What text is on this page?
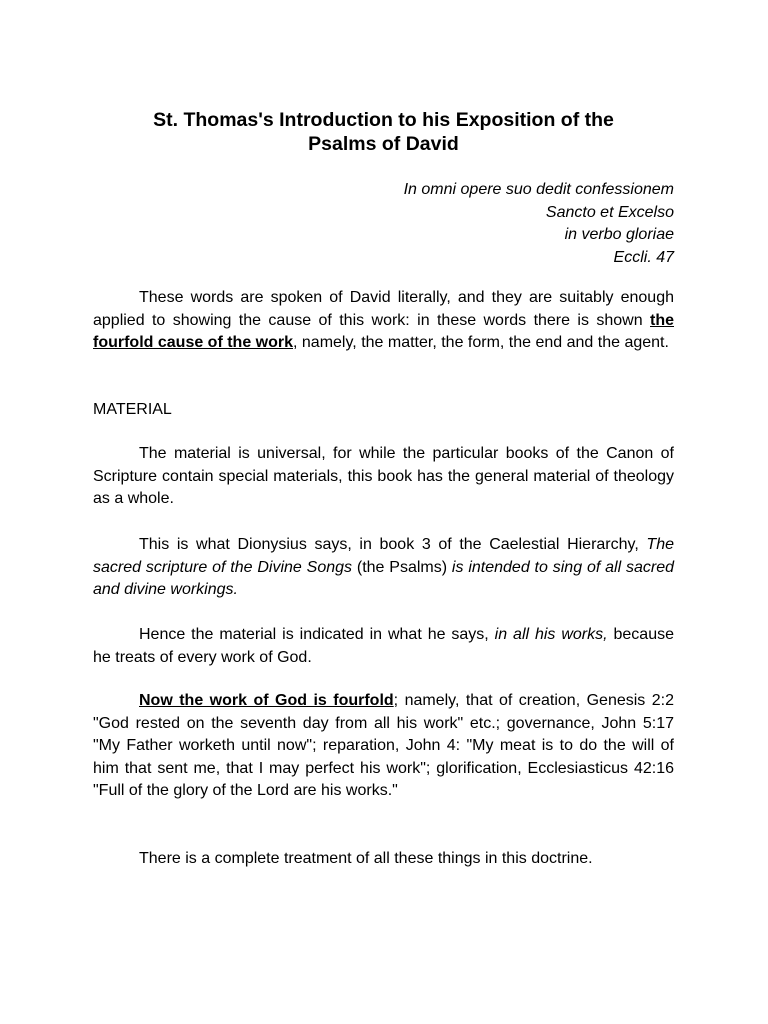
St. Thomas's Introduction to his Exposition of the
Psalms of David
In omni opere suo dedit confessionem
Sancto et Excelso
in verbo gloriae
Eccli. 47

These words are spoken of David literally, and they are suitably enough applied to showing the cause of this work: in these words there is shown the fourfold cause of the work, namely, the matter, the form, the end and the agent.

MATERIAL

The material is universal, for while the particular books of the Canon of Scripture contain special materials, this book has the general material of theology as a whole.

This is what Dionysius says, in book 3 of the Caelestial Hierarchy, The sacred scripture of the Divine Songs (the Psalms) is intended to sing of all sacred and divine workings.

Hence the material is indicated in what he says, in all his works, because he treats of every work of God.

Now the work of God is fourfold; namely, that of creation, Genesis 2:2 "God rested on the seventh day from all his work" etc.; governance, John 5:17 "My Father worketh until now"; reparation, John 4: "My meat is to do the will of him that sent me, that I may perfect his work"; glorification, Ecclesiasticus 42:16 "Full of the glory of the Lord are his works."

There is a complete treatment of all these things in this doctrine.
